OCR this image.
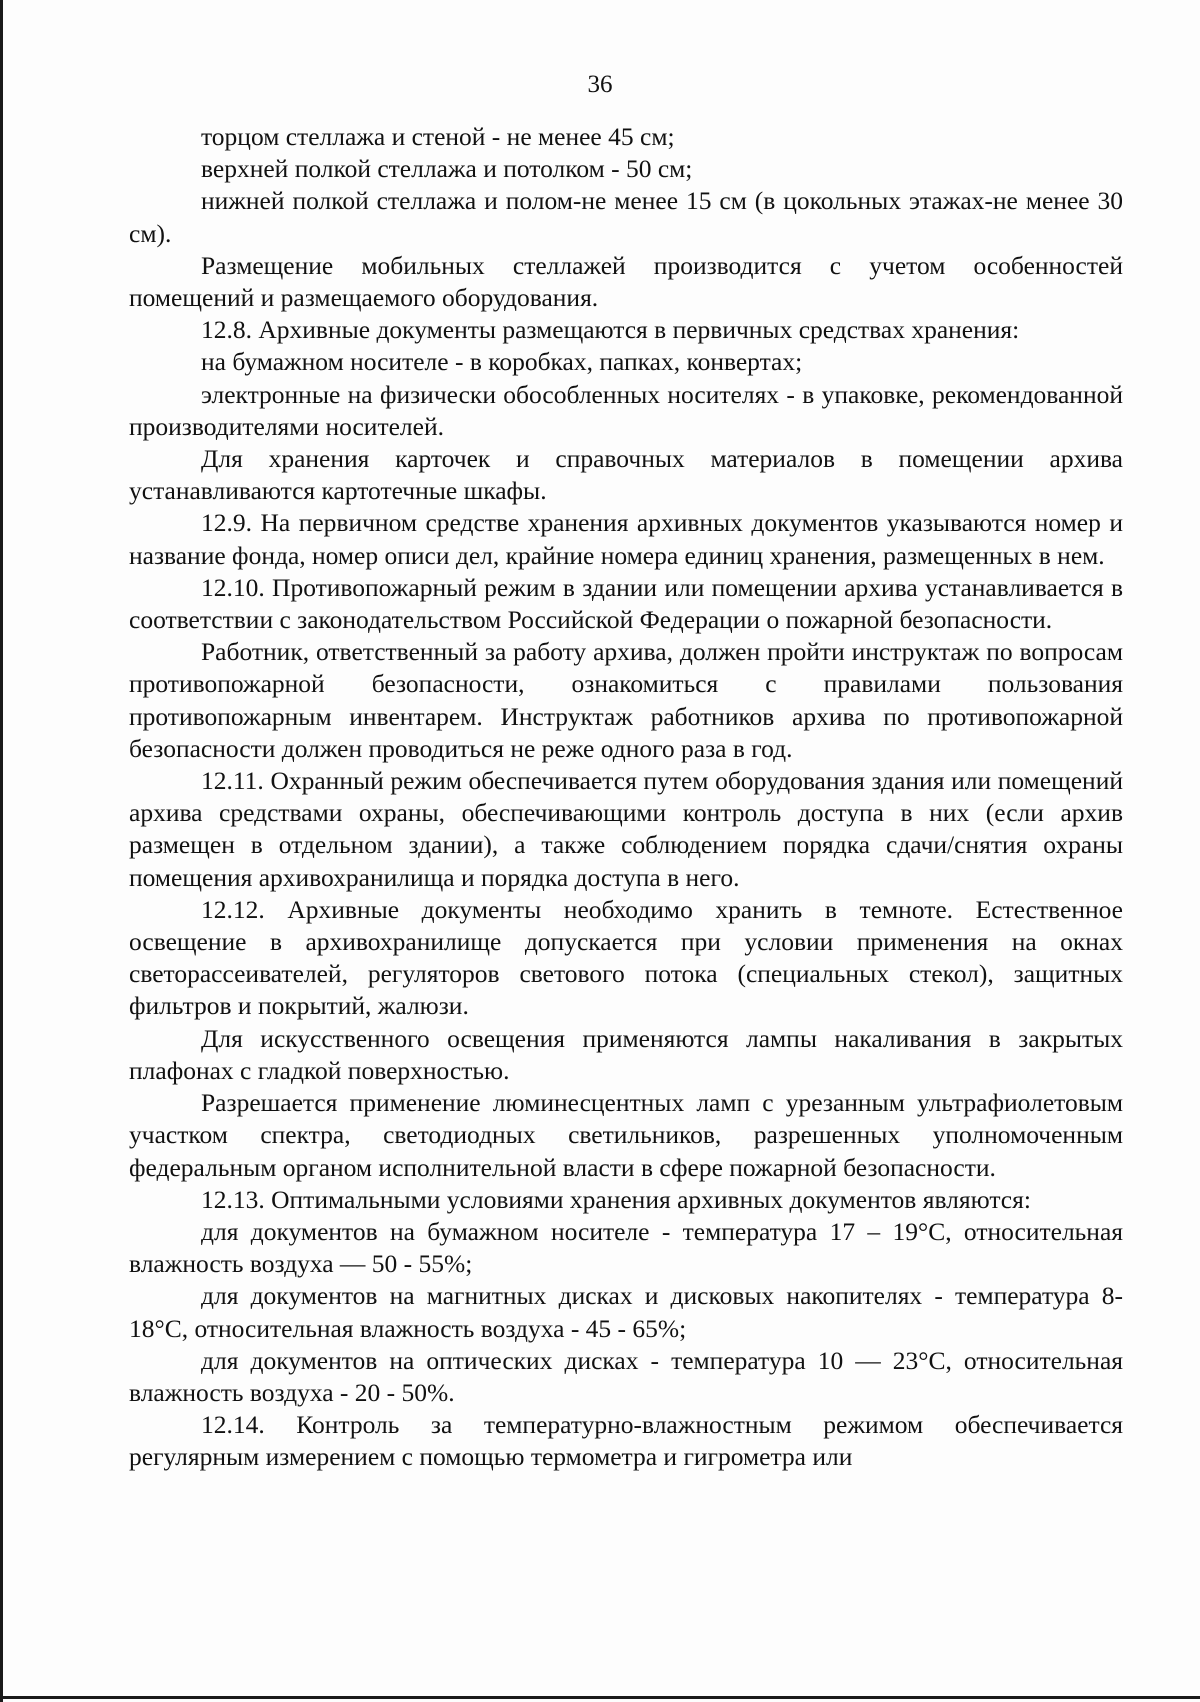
36

торцом стеллажа и стеной - не менее 45 см;

верхней полкой стеллажа и потолком - 50 см;

нижней полкой стеллажа и полом-не менее 15 см (в цокольных этажах-не менее 30 см).

Размещение мобильных стеллажей производится с учетом особенностей помещений и размещаемого оборудования.

12.8. Архивные документы размещаются в первичных средствах хранения:

на бумажном носителе - в коробках, папках, конвертах;

электронные на физически обособленных носителях - в упаковке, рекомендованной производителями носителей.

Для хранения карточек и справочных материалов в помещении архива устанавливаются картотечные шкафы.

12.9. На первичном средстве хранения архивных документов указываются номер и название фонда, номер описи дел, крайние номера единиц хранения, размещенных в нем.

12.10. Противопожарный режим в здании или помещении архива устанавливается в соответствии с законодательством Российской Федерации о пожарной безопасности.

Работник, ответственный за работу архива, должен пройти инструктаж по вопросам противопожарной безопасности, ознакомиться с правилами пользования противопожарным инвентарем. Инструктаж работников архива по противопожарной безопасности должен проводиться не реже одного раза в год.

12.11. Охранный режим обеспечивается путем оборудования здания или помещений архива средствами охраны, обеспечивающими контроль доступа в них (если архив размещен в отдельном здании), а также соблюдением порядка сдачи/снятия охраны помещения архивохранилища и порядка доступа в него.

12.12. Архивные документы необходимо хранить в темноте. Естественное освещение в архивохранилище допускается при условии применения на окнах светорассеивателей, регуляторов светового потока (специальных стекол), защитных фильтров и покрытий, жалюзи.

Для искусственного освещения применяются лампы накаливания в закрытых плафонах с гладкой поверхностью.

Разрешается применение люминесцентных ламп с урезанным ультрафиолетовым участком спектра, светодиодных светильников, разрешенных уполномоченным федеральным органом исполнительной власти в сфере пожарной безопасности.

12.13. Оптимальными условиями хранения архивных документов являются:

для документов на бумажном носителе - температура 17 – 19°C, относительная влажность воздуха — 50 - 55%;

для документов на магнитных дисках и дисковых накопителях - температура 8-18°C, относительная влажность воздуха - 45 - 65%;

для документов на оптических дисках - температура 10 — 23°C, относительная влажность воздуха - 20 - 50%.

12.14. Контроль за температурно-влажностным режимом обеспечивается регулярным измерением с помощью термометра и гигрометра или
